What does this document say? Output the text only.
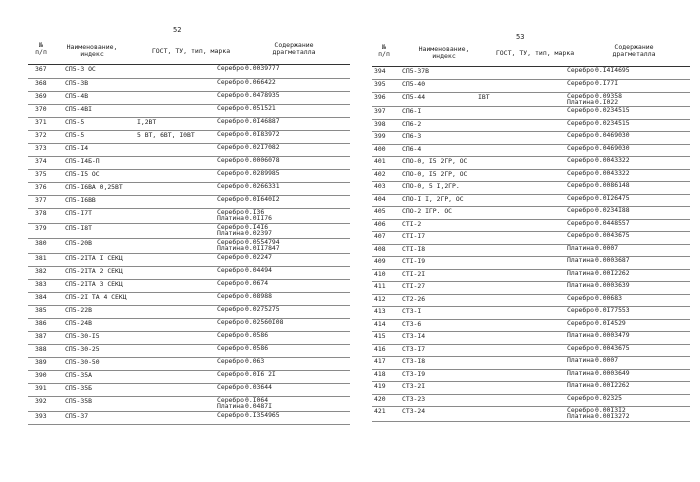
52
№
п/п
Наименование,
индекс	ГОСТ, ТУ, тип, марка
Содержание
драгметалла
367	СП5-3 ОС		Серебро0.0039777

368	СП5-3В		Серебро0.066422

369	СП5-4В		Серебро0.0478935

370	СП5-4ВI		Серебро0.051521

371	СП5-5	I,2ВТ	Серебро0.0I46887

372	СП5-5	5 ВТ, 6ВТ, I0ВТ	Серебро0.0I83972

373	СП5-I4		Серебро0.02I7082

374	СП5-I4Б-П		Серебро0.0006078

375	СП5-I5 ОС		Серебро0.0289985

376	СП5-I6ВА 0,25ВТ		Серебро0.0266331

377	СП5-I6ВВ		Серебро0.0I640I2

378	СП5-I7Т		Серебро0.I36
Платина0.0II76

379	СП5-I8Т		Серебро0.I4I6
Платина0.02397

380	СП5-20В		Серебро0.0554794
Платина0.0II7847

381	СП5-2IТА I СЕКЦ		Серебро0.02247

382	СП5-2IТА 2 СЕКЦ		Серебро0.04494

383	СП5-2IТА 3 СЕКЦ		Серебро0.0674

384	СП5-2I ТА 4 СЕКЦ		Серебро0.08988

385	СП5-22В		Серебро0.0275275

386	СП5-24В		Серебро0.02560I08

387	СП5-30-I5		Серебро0.0586

388	СП5-30-25		Серебро0.0586

389	СП5-30-50		Серебро0.063

390	СП5-35А		Серебро0.0I6 2I

391	СП5-35Б		Серебро0.03644

392	СП5-35В		Серебро0.I064
Платина0.0487I

393	СП5-37		Серебро0.I354965
53
№
п/п
Наименование,
индекс	ГОСТ, ТУ, тип, марка
Содержание
драгметалла
394	СП5-37В		Серебро0.I4I4695

395	СП5-40		Серебро0.I77I

396	СП5-44	IВТ	Серебро0.09358
Платина0.I022

397	СП6-I		Серебро0.0234515

398	СП6-2		Серебро0.0234515

399	СП6-3		Серебро0.0469030

400	СП6-4		Серебро0.0469030

401	СПО-0, I5 2ГР, ОС		Серебро0.0043322

402	СПО-0, I5 2ГР, ОС		Серебро0.0043322

403	СПО-0, 5 I,2ГР.		Серебро0.0086148

404	СПО-I I, 2ГР, ОС		Серебро0.0I26475

405	СПО-2 IГР. ОС		Серебро0.0234I88

406	СТI-2		Серебро0.0448557

407	СТI-I7		Серебро0.0043675

408	СТI-I8		Платина0.0007

409	СТI-I9		Платина0.0003687

410	СТI-2I		Платина0.00I2262

411	СТI-27		Платина0.0003639

412	СТ2-26		Серебро0.00683

413	СТ3-I		Серебро0.0I77553

414	СТ3-6		Серебро0.0I4529

415	СТ3-I4		Платина0.0003479

416	СТ3-I7		Серебро0.0043675

417	СТ3-I8		Платина0.0007

418	СТ3-I9		Платина0.0003649

419	СТ3-2I		Платина0.00I2262

420	СТ3-23		Серебро0.02325

421	СТ3-24		Серебро0.00I3I2
Платина0.00I3272
